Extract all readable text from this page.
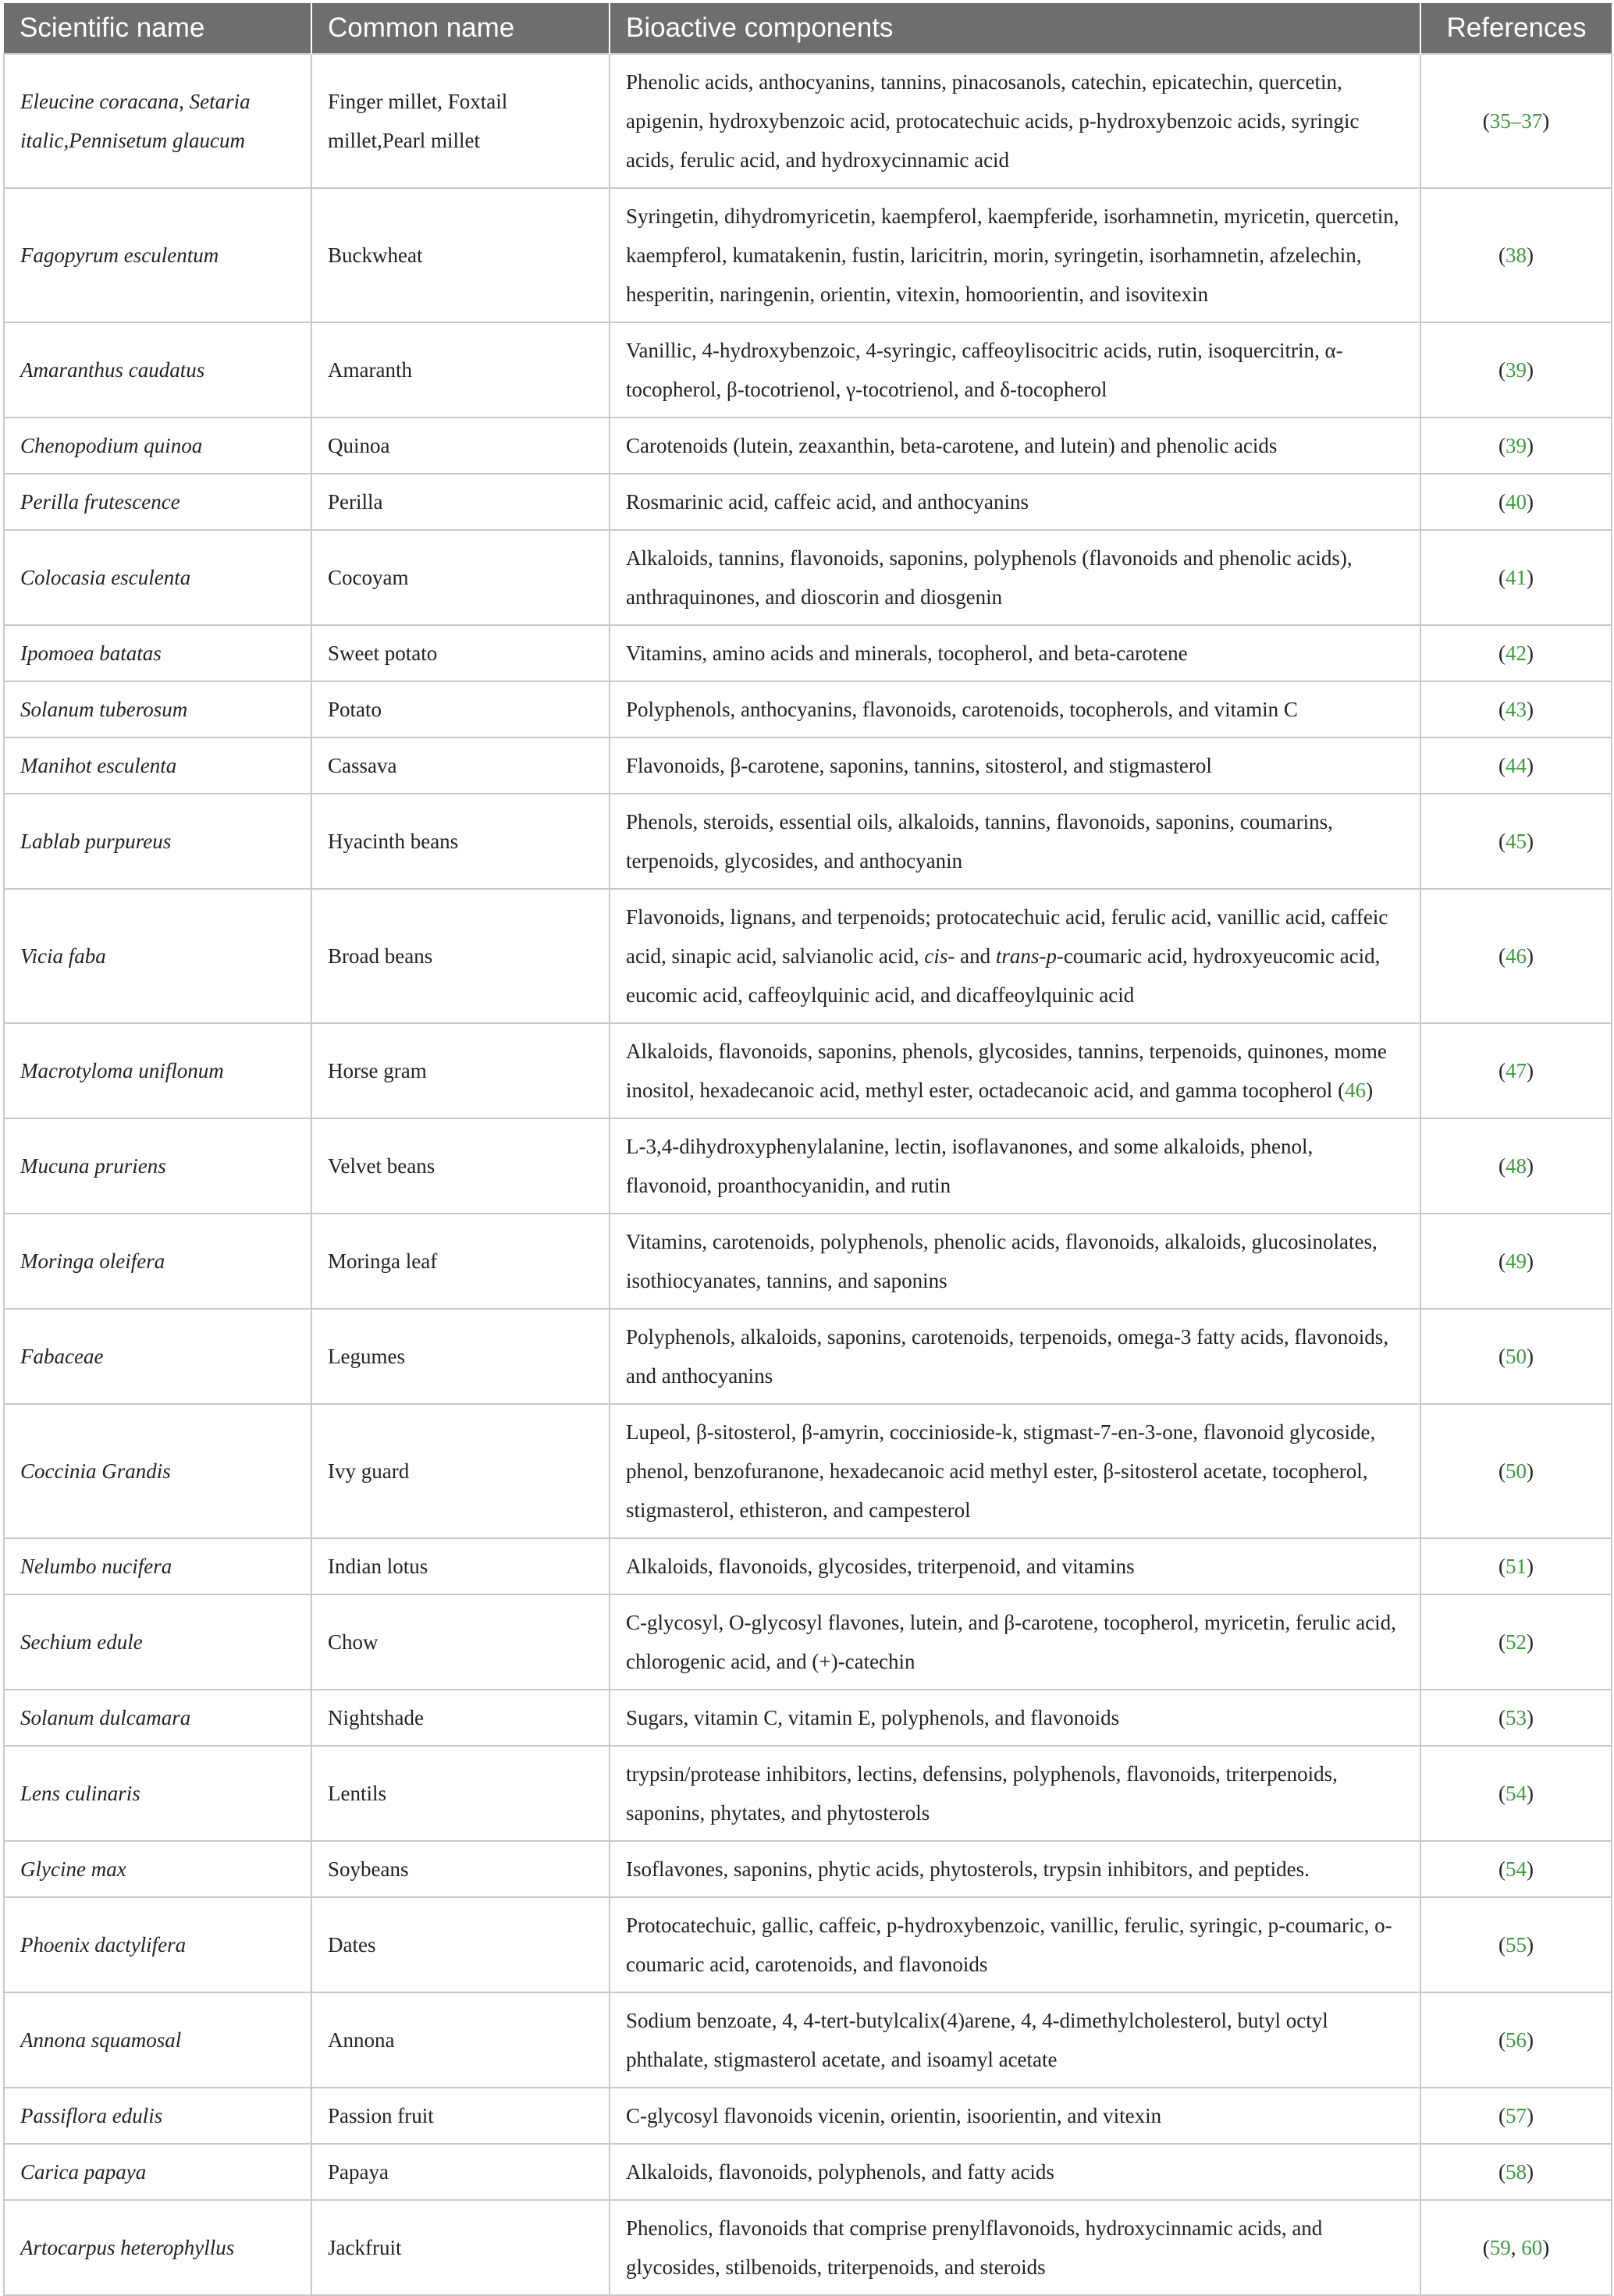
Scientific name	Common name	Bioactive components	References
Eleucine coracana, Setaria italic,Pennisetum glaucum	Finger millet, Foxtail millet,Pearl millet	Phenolic acids, anthocyanins, tannins, pinacosanols, catechin, epicatechin, quercetin, apigenin, hydroxybenzoic acid, protocatechuic acids, p-hydroxybenzoic acids, syringic acids, ferulic acid, and hydroxycinnamic acid	(35–37)
Fagopyrum esculentum	Buckwheat	Syringetin, dihydromyricetin, kaempferol, kaempferide, isorhamnetin, myricetin, quercetin, kaempferol, kumatakenin, fustin, laricitrin, morin, syringetin, isorhamnetin, afzelechin, hesperitin, naringenin, orientin, vitexin, homoorientin, and isovitexin	(38)
Amaranthus caudatus	Amaranth	Vanillic, 4-hydroxybenzoic, 4-syringic, caffeoylisocitric acids, rutin, isoquercitrin, α-tocopherol, β-tocotrienol, γ-tocotrienol, and δ-tocopherol	(39)
Chenopodium quinoa	Quinoa	Carotenoids (lutein, zeaxanthin, beta-carotene, and lutein) and phenolic acids	(39)
Perilla frutescence	Perilla	Rosmarinic acid, caffeic acid, and anthocyanins	(40)
Colocasia esculenta	Cocoyam	Alkaloids, tannins, flavonoids, saponins, polyphenols (flavonoids and phenolic acids), anthraquinones, and dioscorin and diosgenin	(41)
Ipomoea batatas	Sweet potato	Vitamins, amino acids and minerals, tocopherol, and beta-carotene	(42)
Solanum tuberosum	Potato	Polyphenols, anthocyanins, flavonoids, carotenoids, tocopherols, and vitamin C	(43)
Manihot esculenta	Cassava	Flavonoids, β-carotene, saponins, tannins, sitosterol, and stigmasterol	(44)
Lablab purpureus	Hyacinth beans	Phenols, steroids, essential oils, alkaloids, tannins, flavonoids, saponins, coumarins, terpenoids, glycosides, and anthocyanin	(45)
Vicia faba	Broad beans	Flavonoids, lignans, and terpenoids; protocatechuic acid, ferulic acid, vanillic acid, caffeic acid, sinapic acid, salvianolic acid, cis- and trans-p-coumaric acid, hydroxyeucomic acid, eucomic acid, caffeoylquinic acid, and dicaffeoylquinic acid	(46)
Macrotyloma uniflonum	Horse gram	Alkaloids, flavonoids, saponins, phenols, glycosides, tannins, terpenoids, quinones, mome inositol, hexadecanoic acid, methyl ester, octadecanoic acid, and gamma tocopherol (46)	(47)
Mucuna pruriens	Velvet beans	L-3,4-dihydroxyphenylalanine, lectin, isoflavanones, and some alkaloids, phenol, flavonoid, proanthocyanidin, and rutin	(48)
Moringa oleifera	Moringa leaf	Vitamins, carotenoids, polyphenols, phenolic acids, flavonoids, alkaloids, glucosinolates, isothiocyanates, tannins, and saponins	(49)
Fabaceae	Legumes	Polyphenols, alkaloids, saponins, carotenoids, terpenoids, omega-3 fatty acids, flavonoids, and anthocyanins	(50)
Coccinia Grandis	Ivy guard	Lupeol, β-sitosterol, β-amyrin, coccinioside-k, stigmast-7-en-3-one, flavonoid glycoside, phenol, benzofuranone, hexadecanoic acid methyl ester, β-sitosterol acetate, tocopherol, stigmasterol, ethisteron, and campesterol	(50)
Nelumbo nucifera	Indian lotus	Alkaloids, flavonoids, glycosides, triterpenoid, and vitamins	(51)
Sechium edule	Chow	C-glycosyl, O-glycosyl flavones, lutein, and β-carotene, tocopherol, myricetin, ferulic acid, chlorogenic acid, and (+)-catechin	(52)
Solanum dulcamara	Nightshade	Sugars, vitamin C, vitamin E, polyphenols, and flavonoids	(53)
Lens culinaris	Lentils	trypsin/protease inhibitors, lectins, defensins, polyphenols, flavonoids, triterpenoids, saponins, phytates, and phytosterols	(54)
Glycine max	Soybeans	Isoflavones, saponins, phytic acids, phytosterols, trypsin inhibitors, and peptides.	(54)
Phoenix dactylifera	Dates	Protocatechuic, gallic, caffeic, p-hydroxybenzoic, vanillic, ferulic, syringic, p-coumaric, o-coumaric acid, carotenoids, and flavonoids	(55)
Annona squamosal	Annona	Sodium benzoate, 4, 4-tert-butylcalix(4)arene, 4, 4-dimethylcholesterol, butyl octyl phthalate, stigmasterol acetate, and isoamyl acetate	(56)
Passiflora edulis	Passion fruit	C-glycosyl flavonoids vicenin, orientin, isoorientin, and vitexin	(57)
Carica papaya	Papaya	Alkaloids, flavonoids, polyphenols, and fatty acids	(58)
Artocarpus heterophyllus	Jackfruit	Phenolics, flavonoids that comprise prenylflavonoids, hydroxycinnamic acids, and glycosides, stilbenoids, triterpenoids, and steroids	(59, 60)
